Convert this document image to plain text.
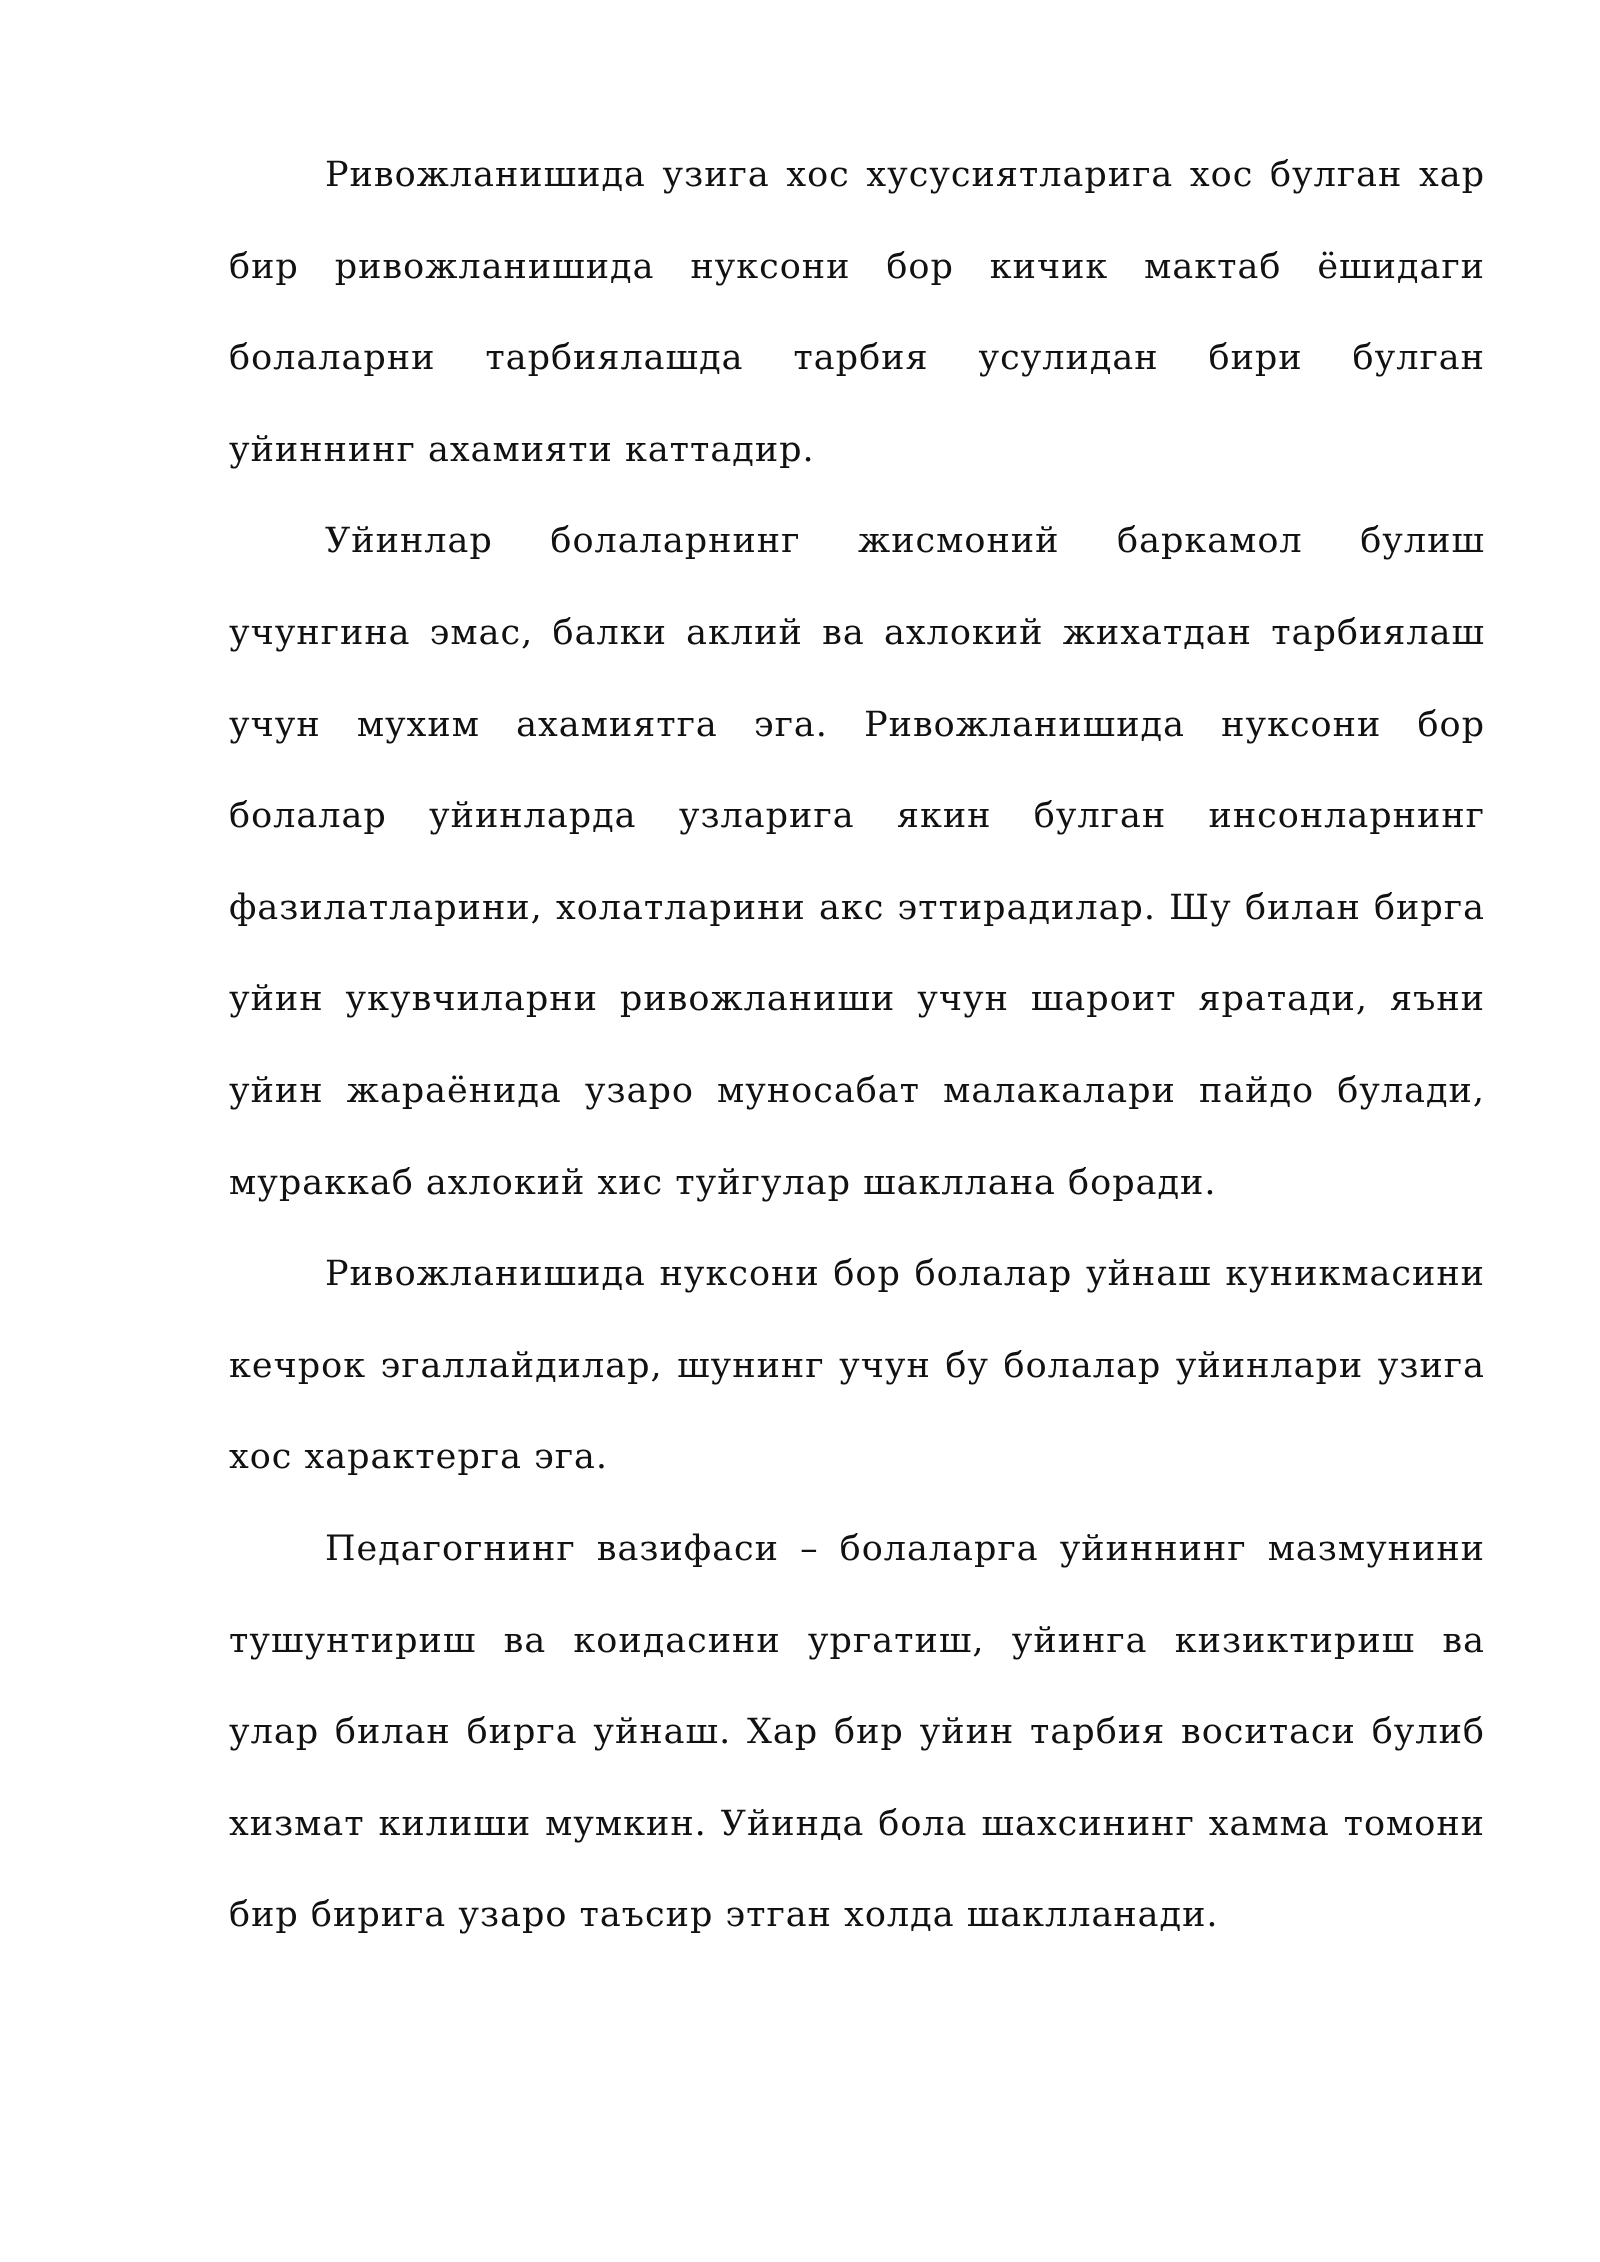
Ривожланишида узига хос хусусиятларига хос булган хар бир ривожланишида нуксони бор кичик мактаб ёшидаги болаларни тарбиялашда тарбия усулидан бири булган уйиннинг ахамияти каттадир.

Уйинлар болаларнинг жисмоний баркамол булиш учунгина эмас, балки аклий ва ахлокий жихатдан тарбиялаш учун мухим ахамиятга эга. Ривожланишида нуксони бор болалар уйинларда узларига якин булган инсонларнинг фазилатларини, холатларини акс эттирадилар. Шу билан бирга уйин укувчиларни ривожланиши учун шароит яратади, яъни уйин жараёнида узаро муносабат малакалари пайдо булади, мураккаб ахлокий хис туйгулар шакллана боради.

Ривожланишида нуксони бор болалар уйнаш куникмасини кечрок эгаллайдилар, шунинг учун бу болалар уйинлари узига хос характерга эга.

Педагогнинг вазифаси – болаларга уйиннинг мазмунини тушунтириш ва коидасини ургатиш, уйинга кизиктириш ва улар билан бирга уйнаш. Хар бир уйин тарбия воситаси булиб хизмат килиши мумкин. Уйинда бола шахсининг хамма томони бир бирига узаро таъсир этган холда шаклланади.
